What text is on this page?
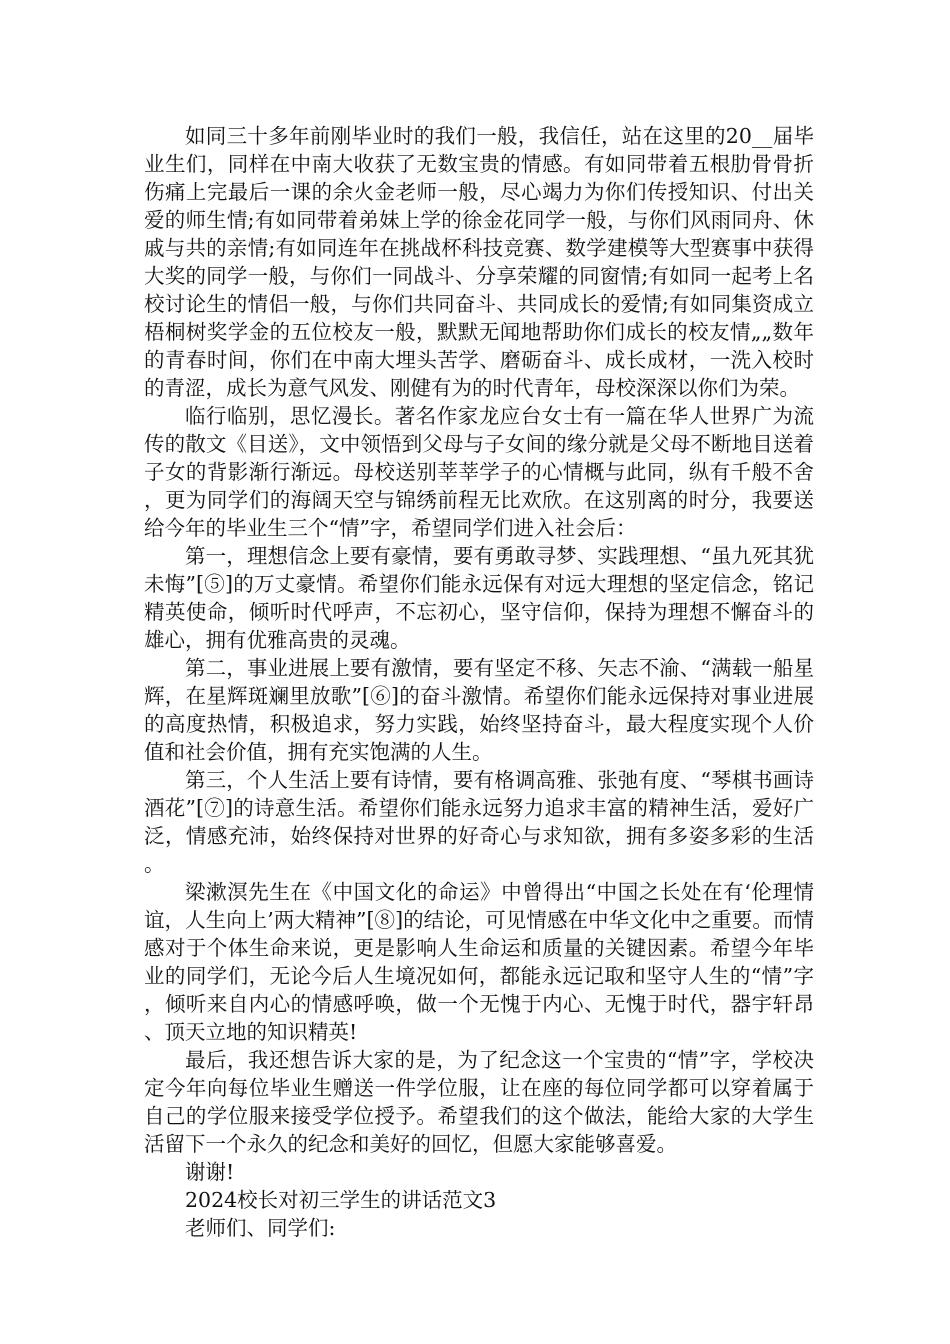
如同三十多年前刚毕业时的我们一般，我信任，站在这里的20__届毕业生们，同样在中南大收获了无数宝贵的情感。有如同带着五根肋骨骨折伤痛上完最后一课的余火金老师一般，尽心竭力为你们传授知识、付出关爱的师生情;有如同带着弟妹上学的徐金花同学一般，与你们风雨同舟、休戚与共的亲情;有如同连年在挑战杯科技竞赛、数学建模等大型赛事中获得大奖的同学一般，与你们一同战斗、分享荣耀的同窗情;有如同一起考上名校讨论生的情侣一般，与你们共同奋斗、共同成长的爱情;有如同集资成立梧桐树奖学金的五位校友一般，默默无闻地帮助你们成长的校友情„„数年的青春时间，你们在中南大埋头苦学、磨砺奋斗、成长成材，一洗入校时的青涩，成长为意气风发、刚健有为的时代青年，母校深深以你们为荣。

临行临别，思忆漫长。著名作家龙应台女士有一篇在华人世界广为流传的散文《目送》，文中领悟到父母与子女间的缘分就是父母不断地目送着子女的背影渐行渐远。母校送别莘莘学子的心情概与此同，纵有千般不舍，更为同学们的海阔天空与锦绣前程无比欢欣。在这别离的时分，我要送给今年的毕业生三个“情”字，希望同学们进入社会后：

第一，理想信念上要有豪情，要有勇敢寻梦、实践理想、“虽九死其犹未悔”[⑤]的万丈豪情。希望你们能永远保有对远大理想的坚定信念，铭记精英使命，倾听时代呼声，不忘初心，坚守信仰，保持为理想不懈奋斗的雄心，拥有优雅高贵的灵魂。

第二，事业进展上要有激情，要有坚定不移、矢志不渝、“满载一船星辉，在星辉斑斓里放歌”[⑥]的奋斗激情。希望你们能永远保持对事业进展的高度热情，积极追求，努力实践，始终坚持奋斗，最大程度实现个人价值和社会价值，拥有充实饱满的人生。

第三，个人生活上要有诗情，要有格调高雅、张弛有度、“琴棋书画诗酒花”[⑦]的诗意生活。希望你们能永远努力追求丰富的精神生活，爱好广泛，情感充沛，始终保持对世界的好奇心与求知欲，拥有多姿多彩的生活。

梁漱溟先生在《中国文化的命运》中曾得出“中国之长处在有‘伦理情谊，人生向上’两大精神”[⑧]的结论，可见情感在中华文化中之重要。而情感对于个体生命来说，更是影响人生命运和质量的关键因素。希望今年毕业的同学们，无论今后人生境况如何，都能永远记取和坚守人生的“情”字，倾听来自内心的情感呼唤，做一个无愧于内心、无愧于时代，器宇轩昂、顶天立地的知识精英!

最后，我还想告诉大家的是，为了纪念这一个宝贵的“情”字，学校决定今年向每位毕业生赠送一件学位服，让在座的每位同学都可以穿着属于自己的学位服来接受学位授予。希望我们的这个做法，能给大家的大学生活留下一个永久的纪念和美好的回忆，但愿大家能够喜爱。

谢谢!

2024校长对初三学生的讲话范文3

老师们、同学们:
